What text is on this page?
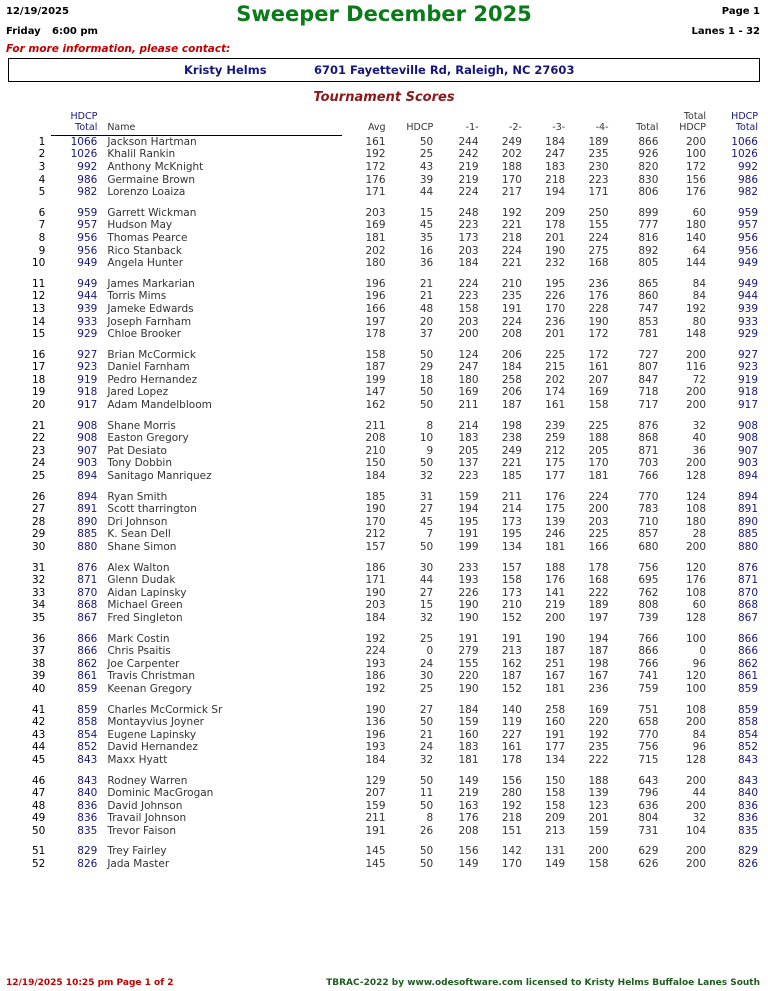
12/19/2025	Sweeper December 2025	Page 1
Friday 6:00 pm	Lanes 1 - 32
For more information, please contact:
Kristy Helms	6701 Fayetteville Rd, Raleigh, NC 27603
Tournament Scores
	HDCP									Total	HDCP
	Total	Name	Avg	HDCP	-1-	-2-	-3-	-4-	Total	HDCP	Total

1	1066	Jackson Hartman	161	50	244	249	184	189	866	200	1066
2	1026	Khalil Rankin	192	25	242	202	247	235	926	100	1026
3	992	Anthony McKnight	172	43	219	188	183	230	820	172	992
4	986	Germaine Brown	176	39	219	170	218	223	830	156	986
5	982	Lorenzo Loaiza	171	44	224	217	194	171	806	176	982

6	959	Garrett Wickman	203	15	248	192	209	250	899	60	959
7	957	Hudson May	169	45	223	221	178	155	777	180	957
8	956	Thomas Pearce	181	35	173	218	201	224	816	140	956
9	956	Rico Stanback	202	16	203	224	190	275	892	64	956
10	949	Angela Hunter	180	36	184	221	232	168	805	144	949

11	949	James Markarian	196	21	224	210	195	236	865	84	949
12	944	Torris Mims	196	21	223	235	226	176	860	84	944
13	939	Jameke Edwards	166	48	158	191	170	228	747	192	939
14	933	Joseph Farnham	197	20	203	224	236	190	853	80	933
15	929	Chloe Brooker	178	37	200	208	201	172	781	148	929

16	927	Brian McCormick	158	50	124	206	225	172	727	200	927
17	923	Daniel Farnham	187	29	247	184	215	161	807	116	923
18	919	Pedro Hernandez	199	18	180	258	202	207	847	72	919
19	918	Jared Lopez	147	50	169	206	174	169	718	200	918
20	917	Adam Mandelbloom	162	50	211	187	161	158	717	200	917

21	908	Shane Morris	211	8	214	198	239	225	876	32	908
22	908	Easton Gregory	208	10	183	238	259	188	868	40	908
23	907	Pat Desiato	210	9	205	249	212	205	871	36	907
24	903	Tony Dobbin	150	50	137	221	175	170	703	200	903
25	894	Sanitago Manriquez	184	32	223	185	177	181	766	128	894

26	894	Ryan Smith	185	31	159	211	176	224	770	124	894
27	891	Scott tharrington	190	27	194	214	175	200	783	108	891
28	890	Dri Johnson	170	45	195	173	139	203	710	180	890
29	885	K. Sean Dell	212	7	191	195	246	225	857	28	885
30	880	Shane Simon	157	50	199	134	181	166	680	200	880

31	876	Alex Walton	186	30	233	157	188	178	756	120	876
32	871	Glenn Dudak	171	44	193	158	176	168	695	176	871
33	870	Aidan Lapinsky	190	27	226	173	141	222	762	108	870
34	868	Michael Green	203	15	190	210	219	189	808	60	868
35	867	Fred Singleton	184	32	190	152	200	197	739	128	867

36	866	Mark Costin	192	25	191	191	190	194	766	100	866
37	866	Chris Psaitis	224	0	279	213	187	187	866	0	866
38	862	Joe Carpenter	193	24	155	162	251	198	766	96	862
39	861	Travis Christman	186	30	220	187	167	167	741	120	861
40	859	Keenan Gregory	192	25	190	152	181	236	759	100	859

41	859	Charles McCormick Sr	190	27	184	140	258	169	751	108	859
42	858	Montayvius Joyner	136	50	159	119	160	220	658	200	858
43	854	Eugene Lapinsky	196	21	160	227	191	192	770	84	854
44	852	David Hernandez	193	24	183	161	177	235	756	96	852
45	843	Maxx Hyatt	184	32	181	178	134	222	715	128	843

46	843	Rodney Warren	129	50	149	156	150	188	643	200	843
47	840	Dominic MacGrogan	207	11	219	280	158	139	796	44	840
48	836	David Johnson	159	50	163	192	158	123	636	200	836
49	836	Travail Johnson	211	8	176	218	209	201	804	32	836
50	835	Trevor Faison	191	26	208	151	213	159	731	104	835

51	829	Trey Fairley	145	50	156	142	131	200	629	200	829
52	826	Jada Master	145	50	149	170	149	158	626	200	826
12/19/2025 10:25 pm Page 1 of 2	TBRAC-2022 by www.odesoftware.com licensed to Kristy Helms Buffaloe Lanes South
